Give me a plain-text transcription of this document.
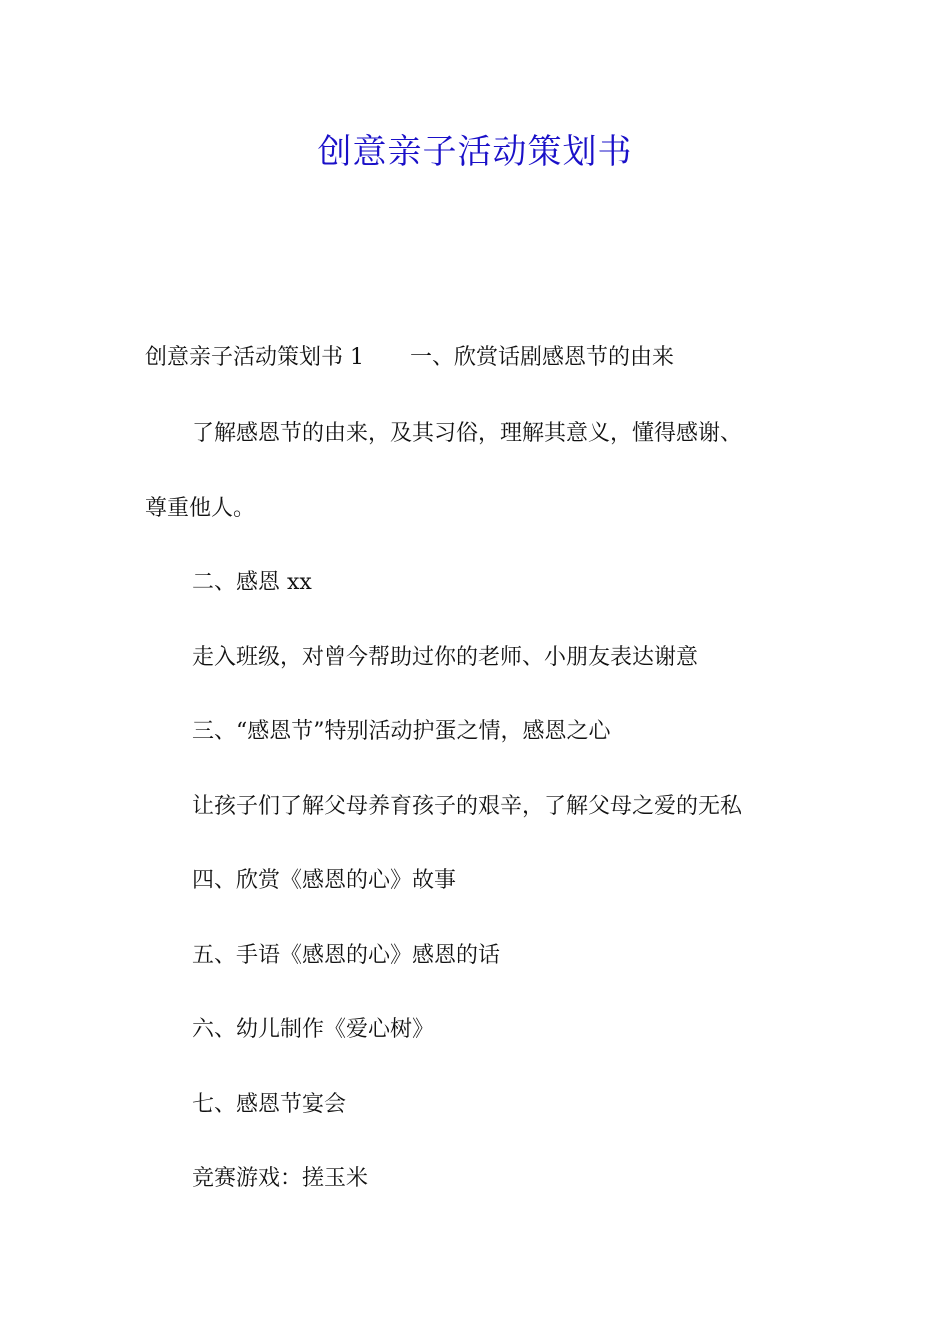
创意亲子活动策划书
创意亲子活动策划书 1 一、欣赏话剧感恩节的由来
了解感恩节的由来，及其习俗，理解其意义，懂得感谢、
尊重他人。
二、感恩 xx
走入班级，对曾今帮助过你的老师、小朋友表达谢意
三、“感恩节”特别活动护蛋之情，感恩之心
让孩子们了解父母养育孩子的艰辛，了解父母之爱的无私
四、欣赏《感恩的心》故事
五、手语《感恩的心》感恩的话
六、幼儿制作《爱心树》
七、感恩节宴会
竞赛游戏：搓玉米
